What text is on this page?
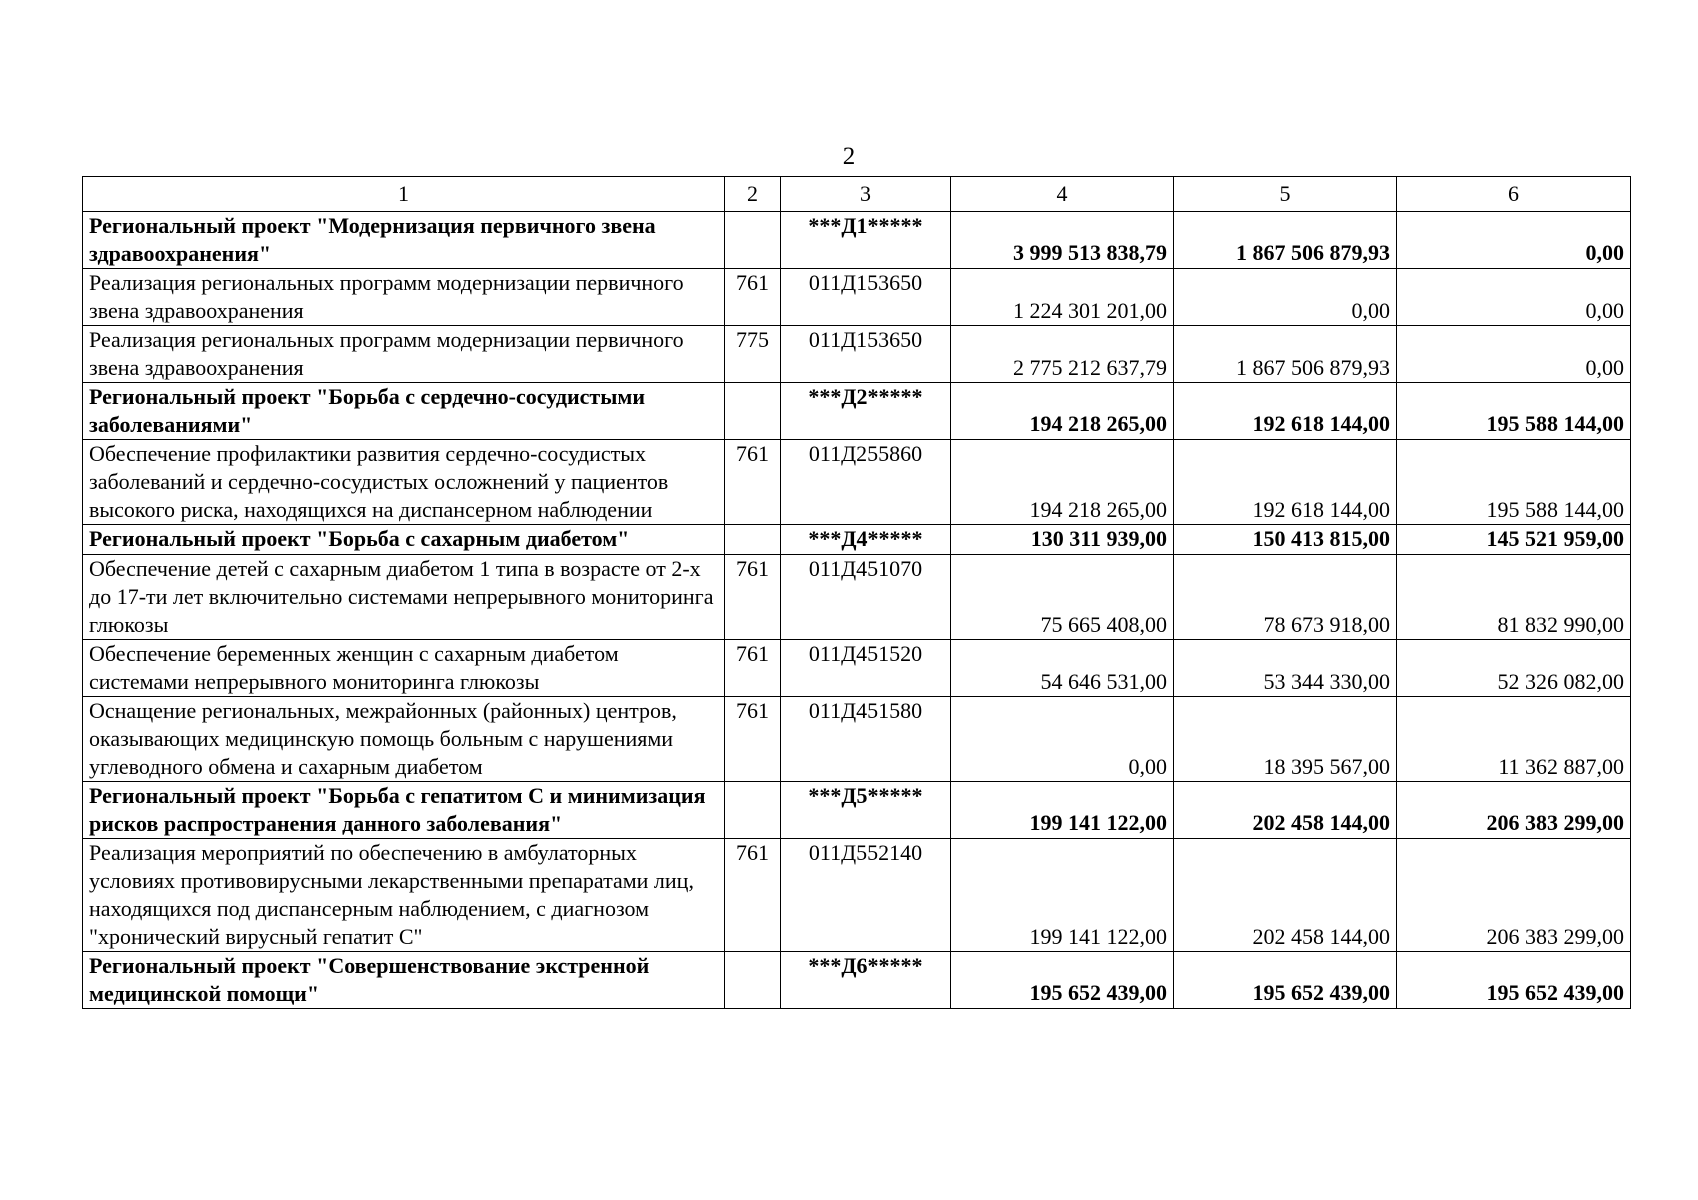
2
1	2	3	4	5	6
Региональный проект "Модернизация первичного звена здравоохранения"		***Д1*****	3 999 513 838,79	1 867 506 879,93	0,00
Реализация региональных программ модернизации первичного звена здравоохранения	761	011Д153650	1 224 301 201,00	0,00	0,00
Реализация региональных программ модернизации первичного звена здравоохранения	775	011Д153650	2 775 212 637,79	1 867 506 879,93	0,00
Региональный проект "Борьба с сердечно-сосудистыми заболеваниями"		***Д2*****	194 218 265,00	192 618 144,00	195 588 144,00
Обеспечение профилактики развития сердечно-сосудистых заболеваний и сердечно-сосудистых осложнений у пациентов высокого риска, находящихся на диспансерном наблюдении	761	011Д255860	194 218 265,00	192 618 144,00	195 588 144,00
Региональный проект "Борьба с сахарным диабетом"		***Д4*****	130 311 939,00	150 413 815,00	145 521 959,00
Обеспечение детей с сахарным диабетом 1 типа в возрасте от 2-х до 17-ти лет включительно системами непрерывного мониторинга глюкозы	761	011Д451070	75 665 408,00	78 673 918,00	81 832 990,00
Обеспечение беременных женщин с сахарным диабетом системами непрерывного мониторинга глюкозы	761	011Д451520	54 646 531,00	53 344 330,00	52 326 082,00
Оснащение региональных, межрайонных (районных) центров, оказывающих медицинскую помощь больным с нарушениями углеводного обмена и сахарным диабетом	761	011Д451580	0,00	18 395 567,00	11 362 887,00
Региональный проект "Борьба с гепатитом С и минимизация рисков распространения данного заболевания"		***Д5*****	199 141 122,00	202 458 144,00	206 383 299,00
Реализация мероприятий по обеспечению в амбулаторных условиях противовирусными лекарственными препаратами лиц, находящихся под диспансерным наблюдением, с диагнозом "хронический вирусный гепатит С"	761	011Д552140	199 141 122,00	202 458 144,00	206 383 299,00
Региональный проект "Совершенствование экстренной медицинской помощи"		***Д6*****	195 652 439,00	195 652 439,00	195 652 439,00
